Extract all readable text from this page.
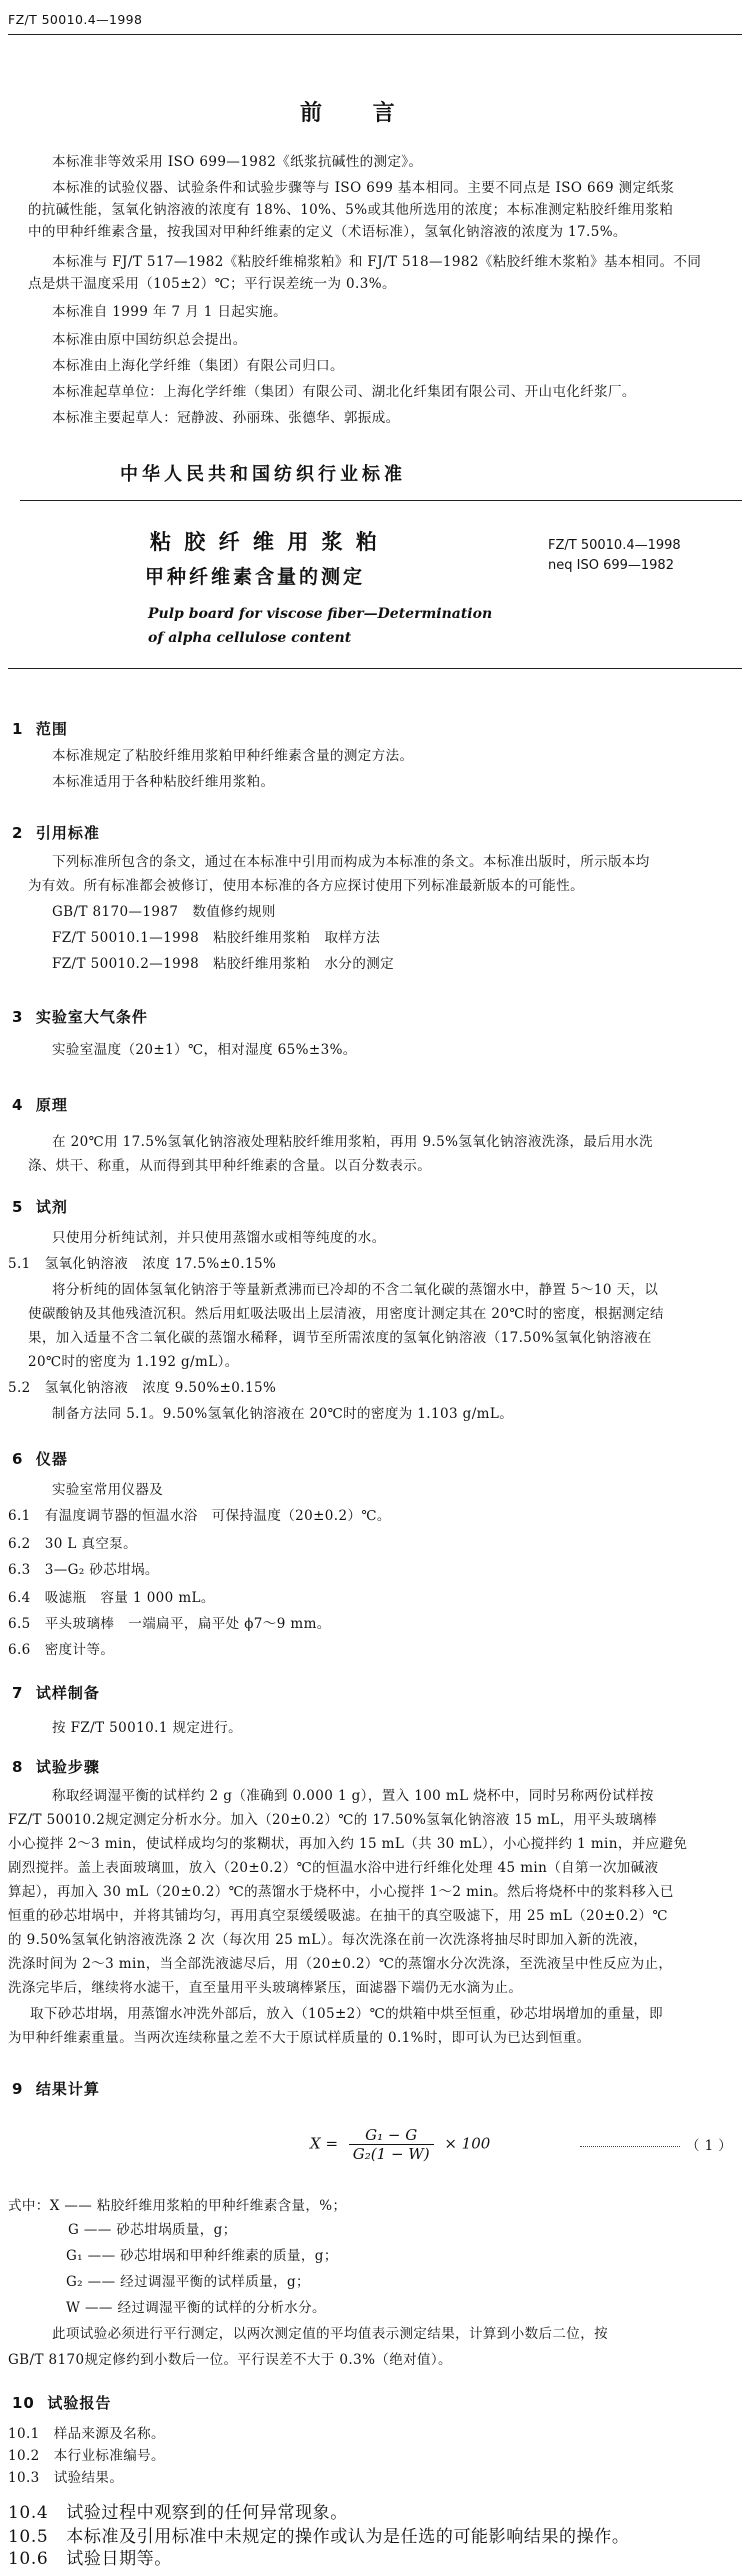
FZ/T 50010.4—1998
前    言
本标准非等效采用 ISO 699—1982《纸浆抗碱性的测定》。
本标准的试验仪器、试验条件和试验步骤等与 ISO 699 基本相同。主要不同点是 ISO 669 测定纸浆
的抗碱性能，氢氧化钠溶液的浓度有 18%、10%、5%或其他所选用的浓度；本标准测定粘胶纤维用浆粕
中的甲种纤维素含量，按我国对甲种纤维素的定义（术语标准），氢氧化钠溶液的浓度为 17.5%。
本标准与 FJ/T 517—1982《粘胶纤维棉浆粕》和 FJ/T 518—1982《粘胶纤维木浆粕》基本相同。不同
点是烘干温度采用（105±2）℃；平行误差统一为 0.3%。
本标准自 1999 年 7 月 1 日起实施。
本标准由原中国纺织总会提出。
本标准由上海化学纤维（集团）有限公司归口。
本标准起草单位：上海化学纤维（集团）有限公司、湖北化纤集团有限公司、开山屯化纤浆厂。
本标准主要起草人：冠静波、孙丽珠、张德华、郭振成。
中华人民共和国纺织行业标准
粘 胶 纤 维 用 浆 粕
甲种纤维素含量的测定
FZ/T 50010.4—1998
neq ISO 699—1982
Pulp board for viscose fiber—Determination
of alpha cellulose content
1  范围
本标准规定了粘胶纤维用浆粕甲种纤维素含量的测定方法。
本标准适用于各种粘胶纤维用浆粕。
2  引用标准
下列标准所包含的条文，通过在本标准中引用而构成为本标准的条文。本标准出版时，所示版本均
为有效。所有标准都会被修订，使用本标准的各方应探讨使用下列标准最新版本的可能性。
GB/T 8170—1987   数值修约规则
FZ/T 50010.1—1998   粘胶纤维用浆粕   取样方法
FZ/T 50010.2—1998   粘胶纤维用浆粕   水分的测定
3  实验室大气条件
实验室温度（20±1）℃，相对湿度 65%±3%。
4  原理
在 20℃用 17.5%氢氧化钠溶液处理粘胶纤维用浆粕，再用 9.5%氢氧化钠溶液洗涤，最后用水洗
涤、烘干、称重，从而得到其甲种纤维素的含量。以百分数表示。
5  试剂
只使用分析纯试剂，并只使用蒸馏水或相等纯度的水。
5.1   氢氧化钠溶液   浓度 17.5%±0.15%
将分析纯的固体氢氧化钠溶于等量新煮沸而已冷却的不含二氧化碳的蒸馏水中，静置 5～10 天，以
使碳酸钠及其他残渣沉积。然后用虹吸法吸出上层清液，用密度计测定其在 20℃时的密度，根据测定结
果，加入适量不含二氧化碳的蒸馏水稀释，调节至所需浓度的氢氧化钠溶液（17.50%氢氧化钠溶液在
20℃时的密度为 1.192 g/mL）。
5.2   氢氧化钠溶液   浓度 9.50%±0.15%
制备方法同 5.1。9.50%氢氧化钠溶液在 20℃时的密度为 1.103 g/mL。
6  仪器
实验室常用仪器及
6.1   有温度调节器的恒温水浴   可保持温度（20±0.2）℃。
6.2   30 L 真空泵。
6.3   3—G₂ 砂芯坩埚。
6.4   吸滤瓶   容量 1 000 mL。
6.5   平头玻璃棒   一端扁平，扁平处 ϕ7～9 mm。
6.6   密度计等。
7  试样制备
按 FZ/T 50010.1 规定进行。
8  试验步骤
称取经调湿平衡的试样约 2 g（准确到 0.000 1 g），置入 100 mL 烧杯中，同时另称两份试样按
FZ/T 50010.2规定测定分析水分。加入（20±0.2）℃的 17.50%氢氧化钠溶液 15 mL，用平头玻璃棒
小心搅拌 2～3 min，使试样成均匀的浆糊状，再加入约 15 mL（共 30 mL），小心搅拌约 1 min，并应避免
剧烈搅拌。盖上表面玻璃皿，放入（20±0.2）℃的恒温水浴中进行纤维化处理 45 min（自第一次加碱液
算起），再加入 30 mL（20±0.2）℃的蒸馏水于烧杯中，小心搅拌 1～2 min。然后将烧杯中的浆料移入已
恒重的砂芯坩埚中，并将其铺均匀，再用真空泵缓缓吸滤。在抽干的真空吸滤下，用 25 mL（20±0.2）℃
的 9.50%氢氧化钠溶液洗涤 2 次（每次用 25 mL）。每次洗涤在前一次洗涤将抽尽时即加入新的洗液，
洗涤时间为 2～3 min，当全部洗液滤尽后，用（20±0.2）℃的蒸馏水分次洗涤，至洗液呈中性反应为止，
洗涤完毕后，继续将水滤干，直至量用平头玻璃棒紧压，面滤器下端仍无水滴为止。
取下砂芯坩埚，用蒸馏水冲洗外部后，放入（105±2）℃的烘箱中烘至恒重，砂芯坩埚增加的重量，即
为甲种纤维素重量。当两次连续称量之差不大于原试样质量的 0.1%时，即可认为已达到恒重。
9  结果计算
$X = \frac{\text{G₁ − G}}{\text{G₂(1 − W)}} \times 100$	（ 1 ）
式中：X —— 粘胶纤维用浆粕的甲种纤维素含量，%；
G —— 砂芯坩埚质量，g；
G₁ —— 砂芯坩埚和甲种纤维素的质量，g；
G₂ —— 经过调湿平衡的试样质量，g；
W —— 经过调湿平衡的试样的分析水分。
此项试验必须进行平行测定，以两次测定值的平均值表示测定结果，计算到小数后二位，按
GB/T 8170规定修约到小数后一位。平行误差不大于 0.3%（绝对值）。
10  试验报告
10.1   样品来源及名称。
10.2   本行业标准编号。
10.3   试验结果。
10.4   试验过程中观察到的任何异常现象。
10.5   本标准及引用标准中未规定的操作或认为是任选的可能影响结果的操作。
10.6   试验日期等。
